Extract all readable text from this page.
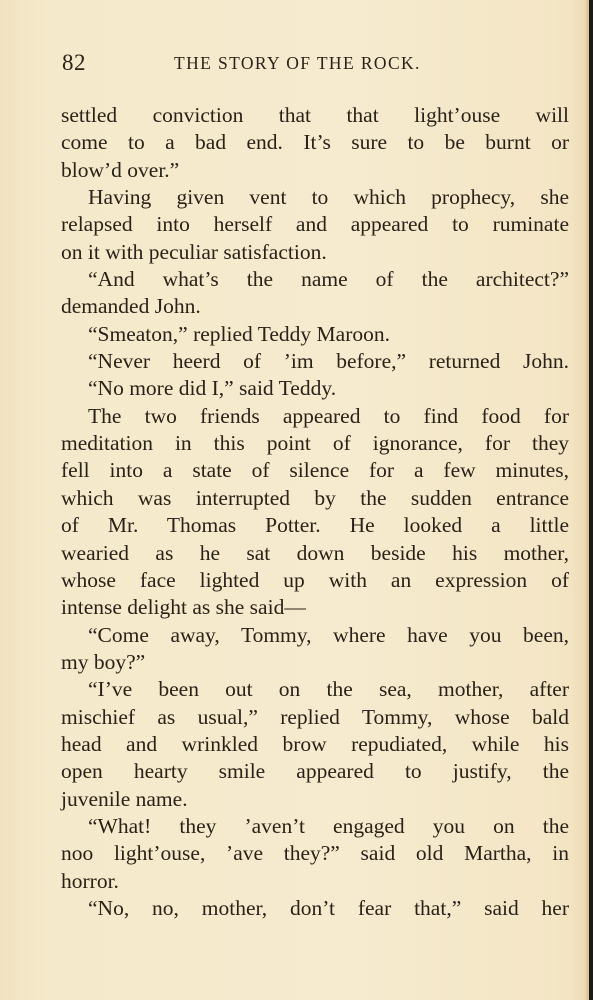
82	THE STORY OF THE ROCK.
settled conviction that that light’ouse will
come to a bad end. It’s sure to be burnt or
blow’d over.”
Having given vent to which prophecy, she
relapsed into herself and appeared to ruminate
on it with peculiar satisfaction.
“And what’s the name of the architect?”
demanded John.
“Smeaton,” replied Teddy Maroon.
“Never heerd of ’im before,” returned John.
“No more did I,” said Teddy.
The two friends appeared to find food for
meditation in this point of ignorance, for they
fell into a state of silence for a few minutes,
which was interrupted by the sudden entrance
of Mr. Thomas Potter. He looked a little
wearied as he sat down beside his mother,
whose face lighted up with an expression of
intense delight as she said—
“Come away, Tommy, where have you been,
my boy?”
“I’ve been out on the sea, mother, after
mischief as usual,” replied Tommy, whose bald
head and wrinkled brow repudiated, while his
open hearty smile appeared to justify, the
juvenile name.
“What! they ’aven’t engaged you on the
noo light’ouse, ’ave they?” said old Martha, in
horror.
“No, no, mother, don’t fear that,” said her
